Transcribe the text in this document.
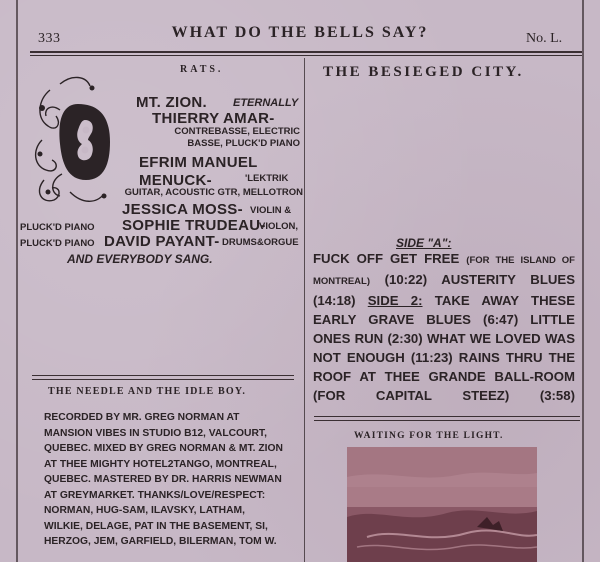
333	WHAT DO THE BELLS SAY?	No. L.
RATS.	THE BESIEGED CITY.
MT. ZION. ETERNALLY
THIERRY AMAR-
CONTREBASSE, ELECTRIC BASSE, PLUCK'D PIANO
EFRIM MANUEL MENUCK-	'LEKTRIK
GUITAR, ACOUSTIC GTR, MELLOTRON
JESSICA MOSS- VIOLIN &
PLUCK'D PIANO SOPHIE TRUDEAU-
VIOLON,
PLUCK'D PIANO DAVID PAYANT- DRUMS&ORGUE
AND EVERYBODY SANG.
SIDE "A":
FUCK OFF GET FREE (FOR THE ISLAND OF MONTREAL) (10:22) AUSTERITY BLUES (14:18) SIDE 2: TAKE AWAY THESE EARLY GRAVE BLUES (6:47) LITTLE ONES RUN (2:30) WHAT WE LOVED WAS NOT ENOUGH (11:23) RAINS THRU THE ROOF AT THEE GRANDE BALL-ROOM (FOR CAPITAL STEEZ) (3:58)
THE NEEDLE AND THE IDLE BOY.
RECORDED BY MR. GREG NORMAN AT MANSION VIBES IN STUDIO B12, VALCOURT, QUEBEC. MIXED BY GREG NORMAN & MT. ZION AT THEE MIGHTY HOTEL2TANGO, MONTREAL, QUEBEC. MASTERED BY DR. HARRIS NEWMAN AT GREYMARKET. THANKS/LOVE/RESPECT: NORMAN, HUG-SAM, ILAVSKY, LATHAM, WILKIE, DELAGE, PAT IN THE BASEMENT, SI, HERZOG, JEM, GARFIELD, BILERMAN, TOM W.
WAITING FOR THE LIGHT.
